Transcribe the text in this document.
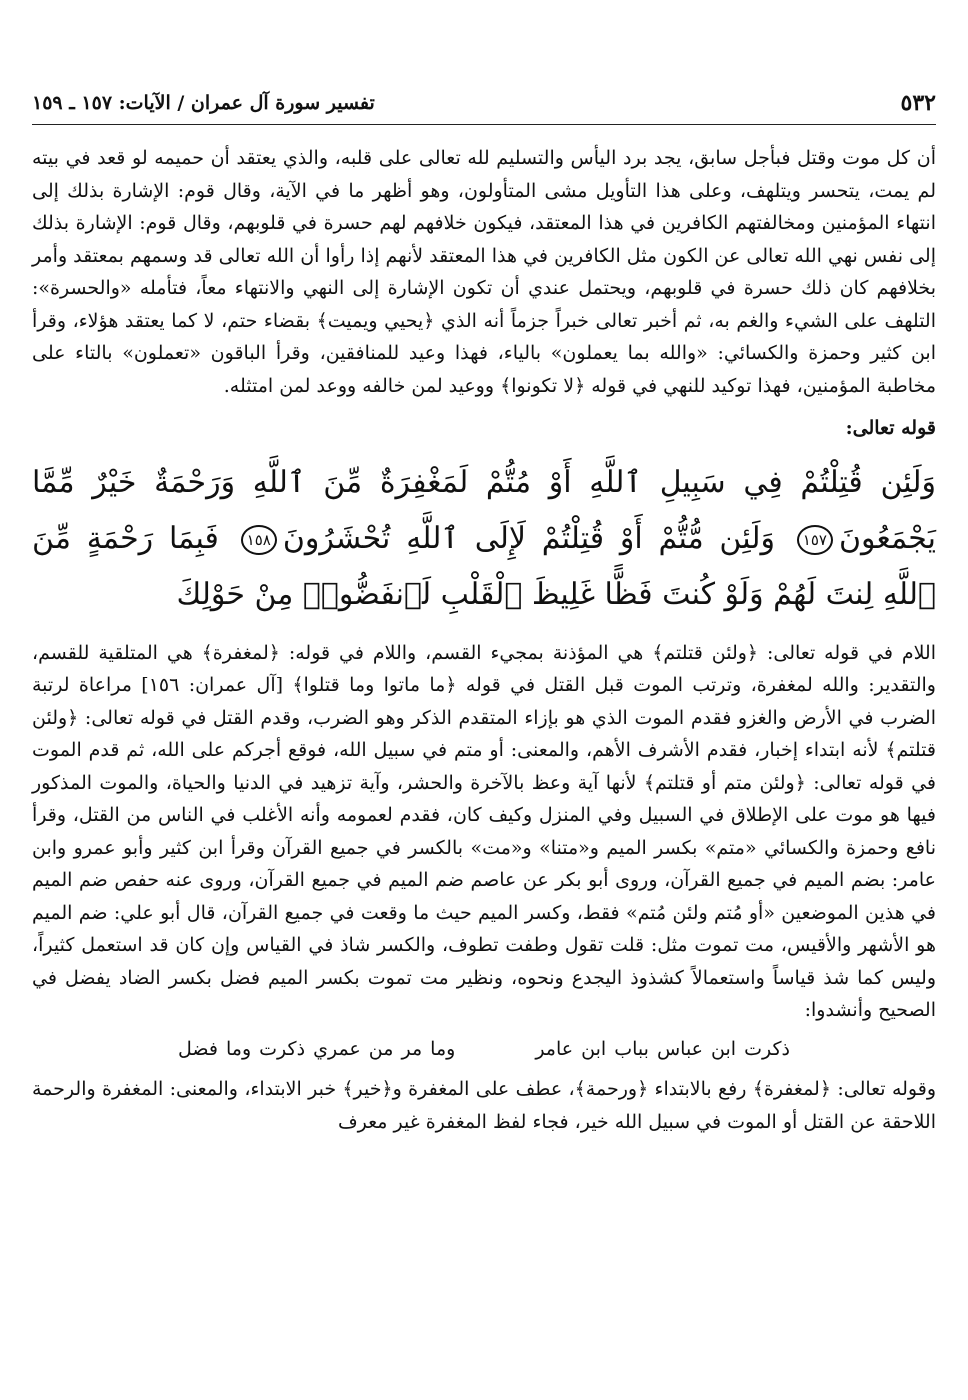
٥٣٢
تفسير سورة آل عمران / الآيات: ١٥٧ ـ ١٥٩

أن كل موت وقتل فبأجل سابق، يجد برد اليأس والتسليم لله تعالى على قلبه، والذي يعتقد أن حميمه لو قعد في بيته لم يمت، يتحسر ويتلهف، وعلى هذا التأويل مشى المتأولون، وهو أظهر ما في الآية، وقال قوم: الإشارة بذلك إلى انتهاء المؤمنين ومخالفتهم الكافرين في هذا المعتقد، فيكون خلافهم لهم حسرة في قلوبهم، وقال قوم: الإشارة بذلك إلى نفس نهي الله تعالى عن الكون مثل الكافرين في هذا المعتقد لأنهم إذا رأوا أن الله تعالى قد وسمهم بمعتقد وأمر بخلافهم كان ذلك حسرة في قلوبهم، ويحتمل عندي أن تكون الإشارة إلى النهي والانتهاء معاً، فتأمله «والحسرة»: التلهف على الشيء والغم به، ثم أخبر تعالى خبراً جزماً أنه الذي ﴿يحيي ويميت﴾ بقضاء حتم، لا كما يعتقد هؤلاء، وقرأ ابن كثير وحمزة والكسائي: «والله بما يعملون» بالياء، فهذا وعيد للمنافقين، وقرأ الباقون «تعملون» بالتاء على مخاطبة المؤمنين، فهذا توكيد للنهي في قوله ﴿لا تكونوا﴾ ووعيد لمن خالفه ووعد لمن امتثله.

قوله تعالى:

وَلَئِن قُتِلْتُمْ فِي سَبِيلِ ٱللَّهِ أَوْ مُتُّمْ لَمَغْفِرَةٌ مِّنَ ٱللَّهِ وَرَحْمَةٌ خَيْرٌ مِّمَّا يَجْمَعُونَ١٥٧ وَلَئِن مُّتُّمْ أَوْ قُتِلْتُمْ لَإِلَى ٱللَّهِ تُحْشَرُونَ١٥٨ فَبِمَا رَحْمَةٍ مِّنَ ٱللَّهِ لِنتَ لَهُمْ وَلَوْ كُنتَ فَظًّا غَلِيظَ ٱلْقَلْبِ لَٱنفَضُّوا۟ مِنْ حَوْلِكَ

اللام في قوله تعالى: ﴿ولئن قتلتم﴾ هي المؤذنة بمجيء القسم، واللام في قوله: ﴿لمغفرة﴾ هي المتلقية للقسم، والتقدير: والله لمغفرة، وترتب الموت قبل القتل في قوله ﴿ما ماتوا وما قتلوا﴾ [آل عمران: ١٥٦] مراعاة لرتبة الضرب في الأرض والغزو فقدم الموت الذي هو بإزاء المتقدم الذكر وهو الضرب، وقدم القتل في قوله تعالى: ﴿ولئن قتلتم﴾ لأنه ابتداء إخبار، فقدم الأشرف الأهم، والمعنى: أو متم في سبيل الله، فوقع أجركم على الله، ثم قدم الموت في قوله تعالى: ﴿ولئن متم أو قتلتم﴾ لأنها آية وعظ بالآخرة والحشر، وآية تزهيد في الدنيا والحياة، والموت المذكور فيها هو موت على الإطلاق في السبيل وفي المنزل وكيف كان، فقدم لعمومه وأنه الأغلب في الناس من القتل، وقرأ نافع وحمزة والكسائي «متم» بكسر الميم و«متنا» و«مت» بالكسر في جميع القرآن وقرأ ابن كثير وأبو عمرو وابن عامر: بضم الميم في جميع القرآن، وروى أبو بكر عن عاصم ضم الميم في جميع القرآن، وروى عنه حفص ضم الميم في هذين الموضعين «أو مُتم ولئن مُتم» فقط، وكسر الميم حيث ما وقعت في جميع القرآن، قال أبو علي: ضم الميم هو الأشهر والأقيس، مت تموت مثل: قلت تقول وطفت تطوف، والكسر شاذ في القياس وإن كان قد استعمل كثيراً، وليس كما شذ قياساً واستعمالاً كشذوذ اليجدع ونحوه، ونظير مت تموت بكسر الميم فضل بكسر الضاد يفضل في الصحيح وأنشدوا:

ذكرت ابن عباس بباب ابن عامروما مر من عمري ذكرت وما فضل

وقوله تعالى: ﴿لمغفرة﴾ رفع بالابتداء ﴿ورحمة﴾، عطف على المغفرة و﴿خير﴾ خبر الابتداء، والمعنى: المغفرة والرحمة اللاحقة عن القتل أو الموت في سبيل الله خير، فجاء لفظ المغفرة غير معرف
